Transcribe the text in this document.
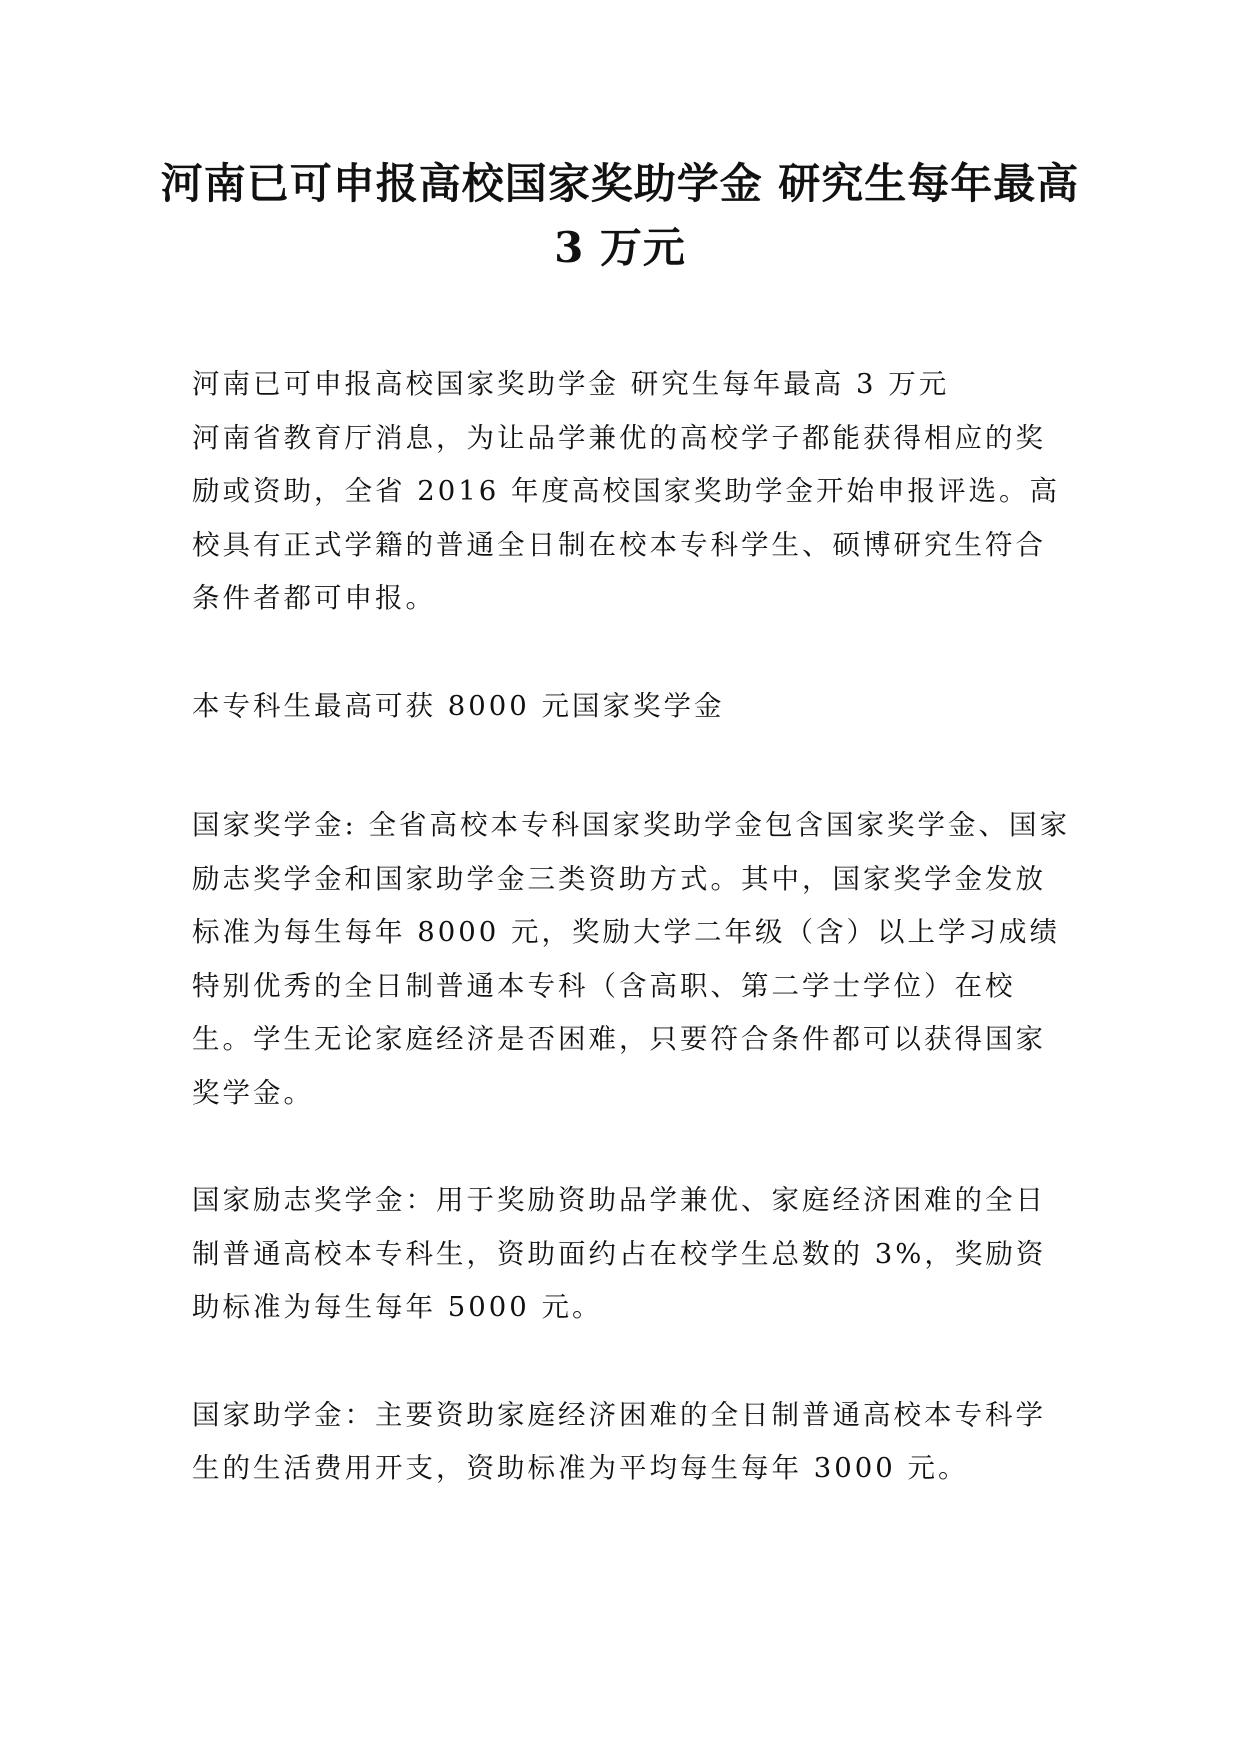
河南已可申报高校国家奖助学金 研究生每年最高 3 万元

河南已可申报高校国家奖助学金 研究生每年最高 3 万元

河南省教育厅消息，为让品学兼优的高校学子都能获得相应的奖励或资助，全省 2016 年度高校国家奖助学金开始申报评选。高校具有正式学籍的普通全日制在校本专科学生、硕博研究生符合条件者都可申报。

本专科生最高可获 8000 元国家奖学金

国家奖学金: 全省高校本专科国家奖助学金包含国家奖学金、国家励志奖学金和国家助学金三类资助方式。其中，国家奖学金发放标准为每生每年 8000 元，奖励大学二年级（含）以上学习成绩特别优秀的全日制普通本专科（含高职、第二学士学位）在校生。学生无论家庭经济是否困难，只要符合条件都可以获得国家奖学金。

国家励志奖学金：用于奖励资助品学兼优、家庭经济困难的全日制普通高校本专科生，资助面约占在校学生总数的 3%，奖励资助标准为每生每年 5000 元。

国家助学金：主要资助家庭经济困难的全日制普通高校本专科学生的生活费用开支，资助标准为平均每生每年 3000 元。
